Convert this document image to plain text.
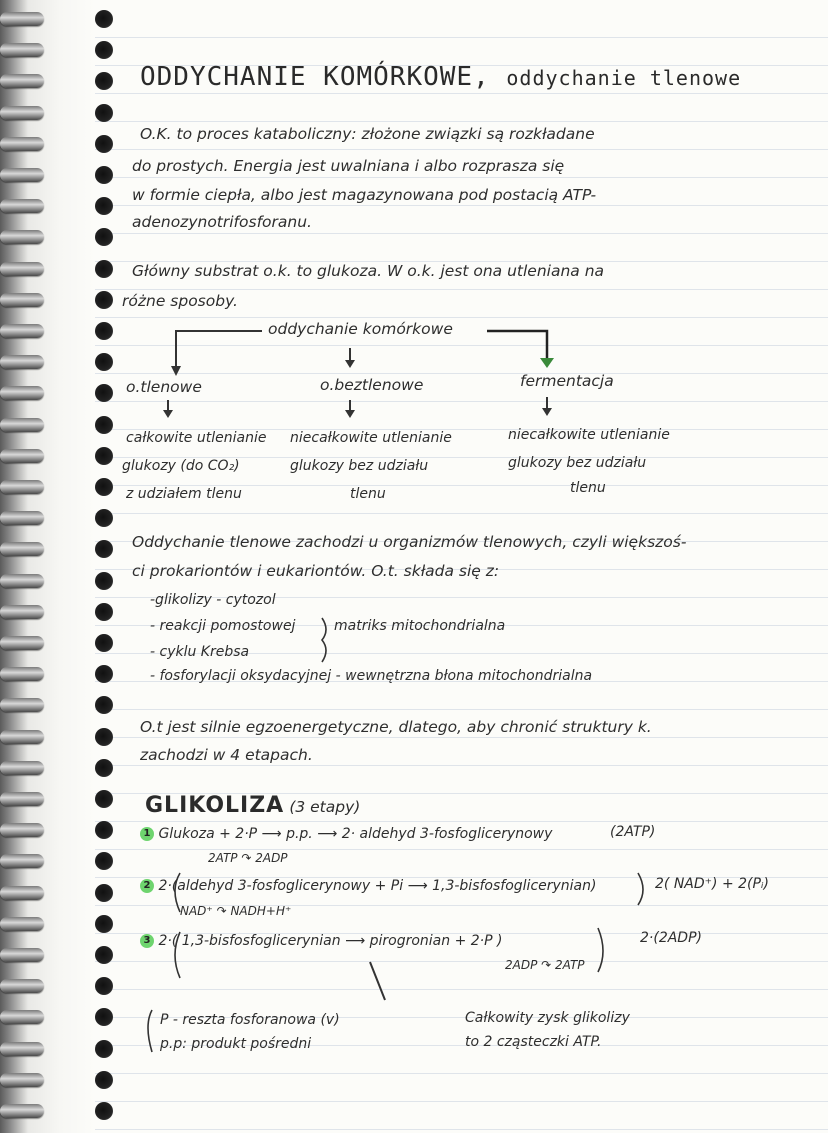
ODDYCHANIE KOMÓRKOWE, oddychanie tlenowe
O.K. to proces kataboliczny: złożone związki są rozkładane
do prostych. Energia jest uwalniana i albo rozprasza się
w formie ciepła, albo jest magazynowana pod postacią ATP-
adenozynotrifosforanu.
Główny substrat o.k. to glukoza. W o.k. jest ona utleniana na
różne sposoby.
oddychanie komórkowe
o.tlenowe	o.beztlenowe	fermentacja
całkowite utlenianie
glukozy (do CO₂)
z udziałem tlenu
niecałkowite utlenianie
glukozy bez udziału
tlenu
niecałkowite utlenianie
glukozy bez udziału
tlenu
Oddychanie tlenowe zachodzi u organizmów tlenowych, czyli większoś-
ci prokariontów i eukariontów. O.t. składa się z:
-glikolizy - cytozol
- reakcji pomostowej
- cyklu Krebsa
matriks mitochondrialna
- fosforylacji oksydacyjnej - wewnętrzna błona mitochondrialna
O.t jest silnie egzoenergetyczne, dlatego, aby chronić struktury k.
zachodzi w 4 etapach.
GLIKOLIZA (3 etapy)
1 Glukoza + 2·P ⟶ p.p. ⟶ 2· aldehyd 3-fosfoglicerynowy	(2ATP)
2ATP ↷ 2ADP
2 2·(aldehyd 3-fosfoglicerynowy + Pi ⟶ 1,3-bisfosfoglicerynian)	2( NAD⁺) + 2(Pᵢ)
NAD⁺ ↷ NADH+H⁺
3 2·( 1,3-bisfosfoglicerynian ⟶ pirogronian + 2·P )	2·(2ADP)
2ADP ↷ 2ATP
P - reszta fosforanowa (v)
p.p: produkt pośredni
Całkowity zysk glikolizy
to 2 cząsteczki ATP.
